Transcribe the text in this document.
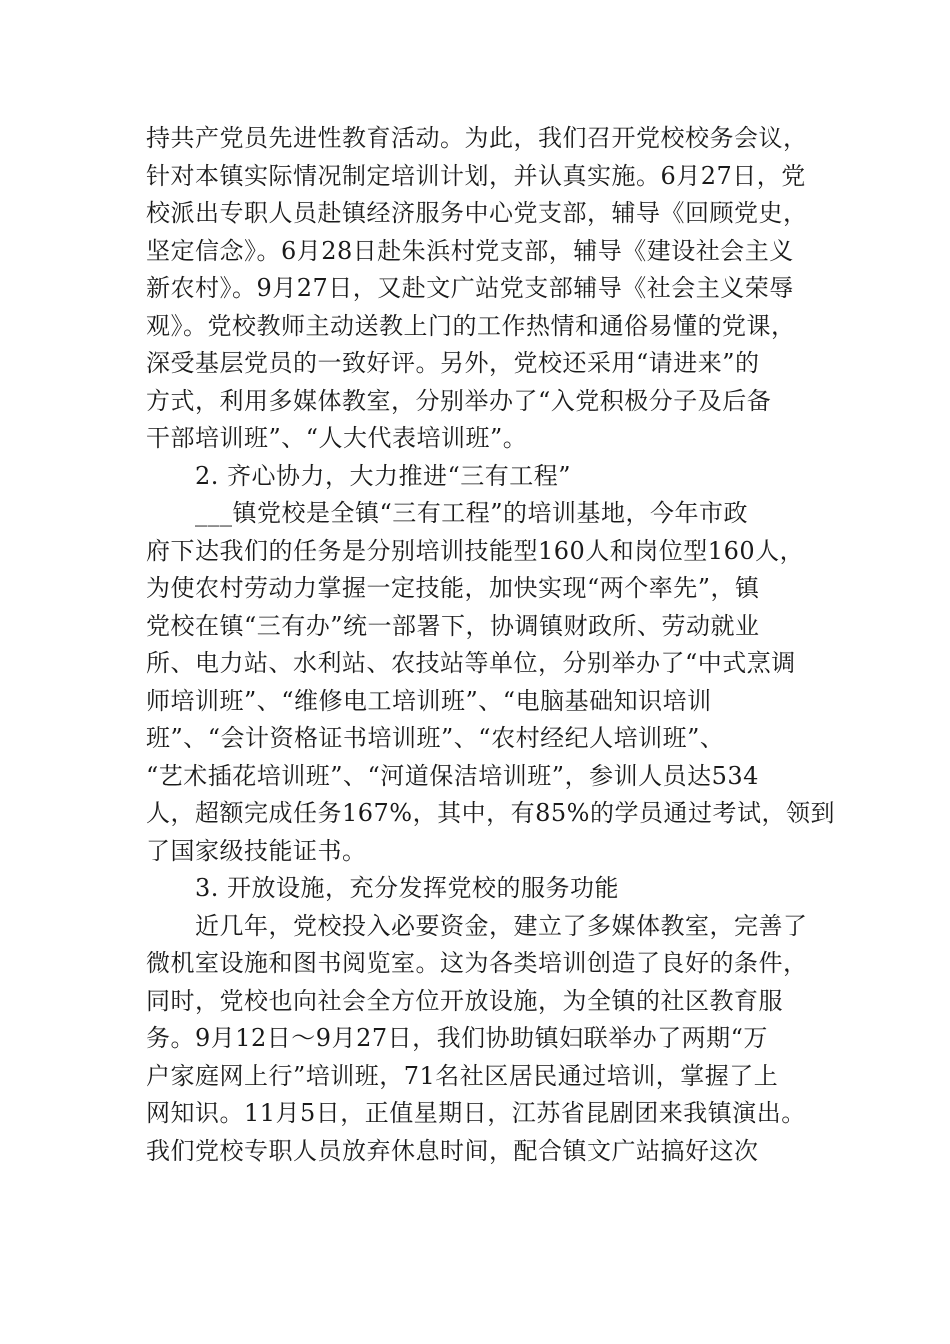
持共产党员先进性教育活动。为此，我们召开党校校务会议，
针对本镇实际情况制定培训计划，并认真实施。6月27日，党
校派出专职人员赴镇经济服务中心党支部，辅导《回顾党史，
坚定信念》。6月28日赴朱浜村党支部，辅导《建设社会主义
新农村》。9月27日，又赴文广站党支部辅导《社会主义荣辱
观》。党校教师主动送教上门的工作热情和通俗易懂的党课，
深受基层党员的一致好评。另外，党校还采用“请进来”的
方式，利用多媒体教室，分别举办了“入党积极分子及后备
干部培训班”、“人大代表培训班”。
　　2. 齐心协力，大力推进“三有工程”
　　___镇党校是全镇“三有工程”的培训基地，今年市政
府下达我们的任务是分别培训技能型160人和岗位型160人，
为使农村劳动力掌握一定技能，加快实现“两个率先”，镇
党校在镇“三有办”统一部署下，协调镇财政所、劳动就业
所、电力站、水利站、农技站等单位，分别举办了“中式烹调
师培训班”、“维修电工培训班”、“电脑基础知识培训
班”、“会计资格证书培训班”、“农村经纪人培训班”、
“艺术插花培训班”、“河道保洁培训班”，参训人员达534
人，超额完成任务167%，其中，有85%的学员通过考试，领到
了国家级技能证书。
　　3. 开放设施，充分发挥党校的服务功能
　　近几年，党校投入必要资金，建立了多媒体教室，完善了
微机室设施和图书阅览室。这为各类培训创造了良好的条件，
同时，党校也向社会全方位开放设施，为全镇的社区教育服
务。9月12日～9月27日，我们协助镇妇联举办了两期“万
户家庭网上行”培训班，71名社区居民通过培训，掌握了上
网知识。11月5日，正值星期日，江苏省昆剧团来我镇演出。
我们党校专职人员放弃休息时间，配合镇文广站搞好这次
